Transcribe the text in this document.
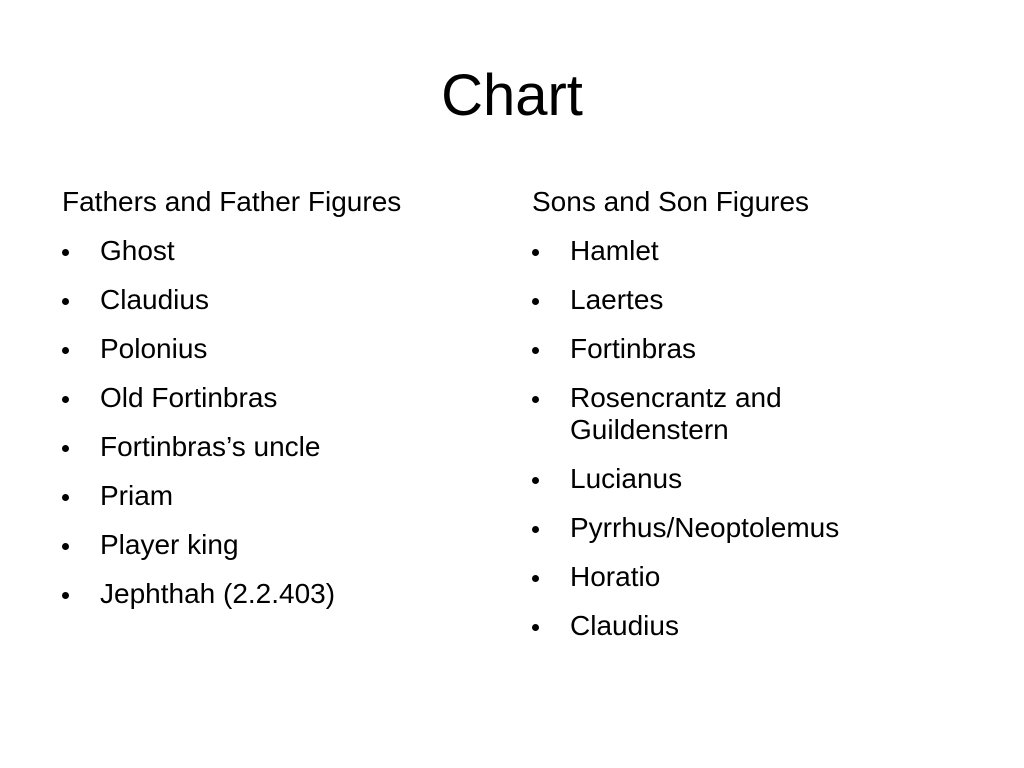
Chart
Fathers and Father Figures
Ghost
Claudius
Polonius
Old Fortinbras
Fortinbras’s uncle
Priam
Player king
Jephthah (2.2.403)
Sons and Son Figures
Hamlet
Laertes
Fortinbras
Rosencrantz and Guildenstern
Lucianus
Pyrrhus/Neoptolemus
Horatio
Claudius
